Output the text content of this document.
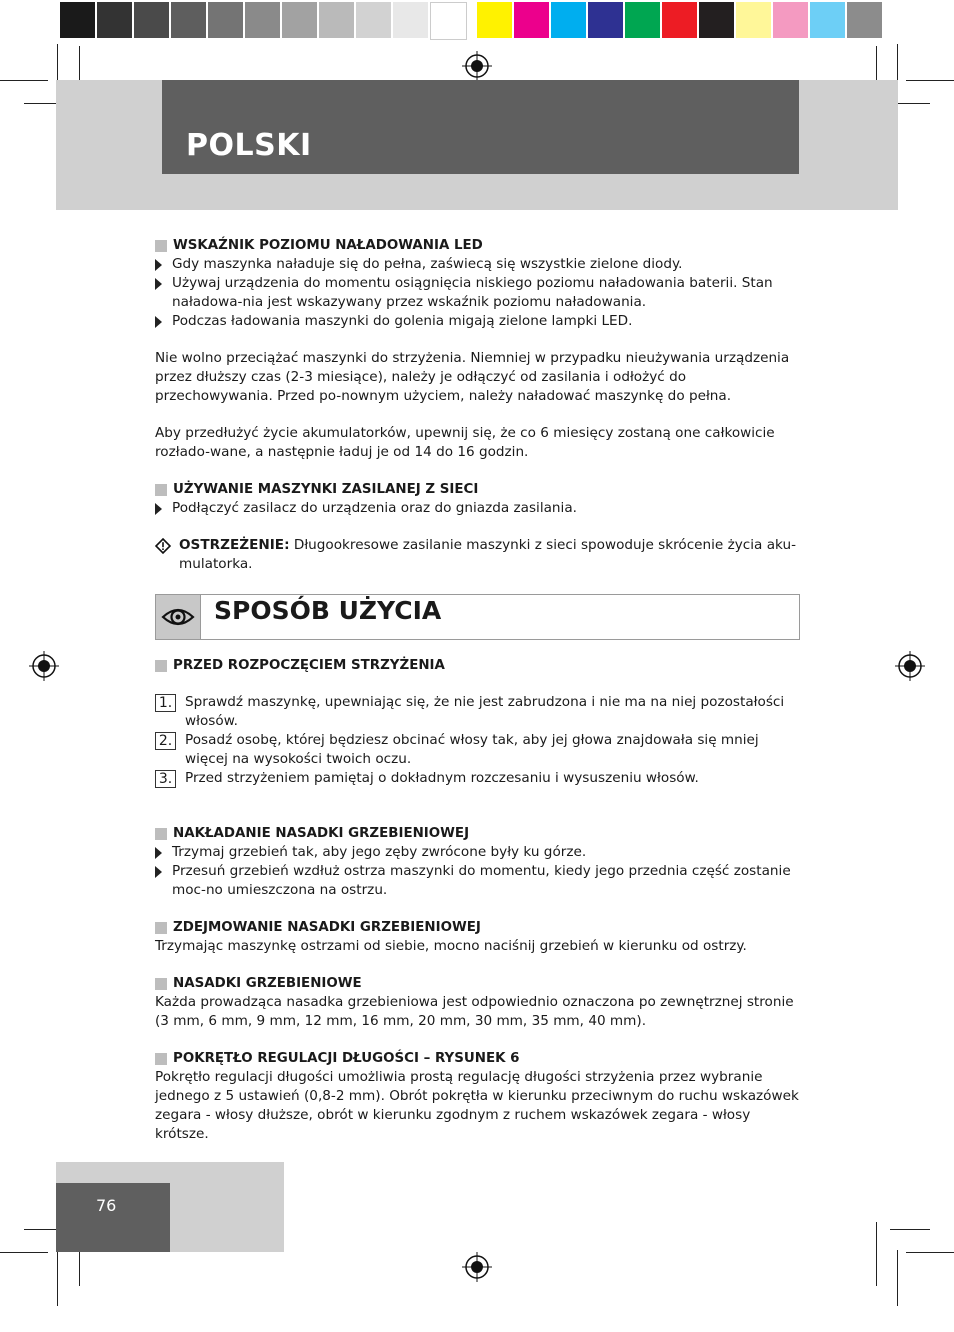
POLSKI
WSKAŹNIK POZIOMU NAŁADOWANIA LED
Gdy maszynka naładuje się do pełna, zaświecą się wszystkie zielone diody.
Używaj urządzenia do momentu osiągnięcia niskiego poziomu naładowania baterii. Stan naładowa-nia jest wskazywany przez wskaźnik poziomu naładowania.
Podczas ładowania maszynki do golenia migają zielone lampki LED.

Nie wolno przeciążać maszynki do strzyżenia. Niemniej w przypadku nieużywania urządzenia przez dłuższy czas (2-3 miesiące), należy je odłączyć od zasilania i odłożyć do przechowywania. Przed po-nownym użyciem, należy naładować maszynkę do pełna.

Aby przedłużyć życie akumulatorków, upewnij się, że co 6 miesięcy zostaną one całkowicie rozłado-wane, a następnie ładuj je od 14 do 16 godzin.

UŻYWANIE MASZYNKI ZASILANEJ Z SIECI
Podłączyć zasilacz do urządzenia oraz do gniazda zasilania.
OSTRZEŻENIE: Długookresowe zasilanie maszynki z sieci spowoduje skrócenie życia aku-mulatorka.
SPOSÓB UŻYCIA
PRZED ROZPOCZĘCIEM STRZYŻENIA
1. Sprawdź maszynkę, upewniając się, że nie jest zabrudzona i nie ma na niej pozostałości włosów.
2. Posadź osobę, której będziesz obcinać włosy tak, aby jej głowa znajdowała się mniej więcej na wysokości twoich oczu.
3. Przed strzyżeniem pamiętaj o dokładnym rozczesaniu i wysuszeniu włosów.
NAKŁADANIE NASADKI GRZEBIENIOWEJ
Trzymaj grzebień tak, aby jego zęby zwrócone były ku górze.
Przesuń grzebień wzdłuż ostrza maszynki do momentu, kiedy jego przednia część zostanie moc-no umieszczona na ostrzu.
ZDEJMOWANIE NASADKI GRZEBIENIOWEJ

Trzymając maszynkę ostrzami od siebie, mocno naciśnij grzebień w kierunku od ostrzy.

NASADKI GRZEBIENIOWE

Każda prowadząca nasadka grzebieniowa jest odpowiednio oznaczona po zewnętrznej stronie (3 mm, 6 mm, 9 mm, 12 mm, 16 mm, 20 mm, 30 mm, 35 mm, 40 mm).

POKRĘTŁO REGULACJI DŁUGOŚCI – RYSUNEK 6

Pokrętło regulacji długości umożliwia prostą regulację długości strzyżenia przez wybranie jednego z 5 ustawień (0,8-2 mm). Obrót pokrętła w kierunku przeciwnym do ruchu wskazówek zegara - włosy dłuższe, obrót w kierunku zgodnym z ruchem wskazówek zegara - włosy krótsze.

76
